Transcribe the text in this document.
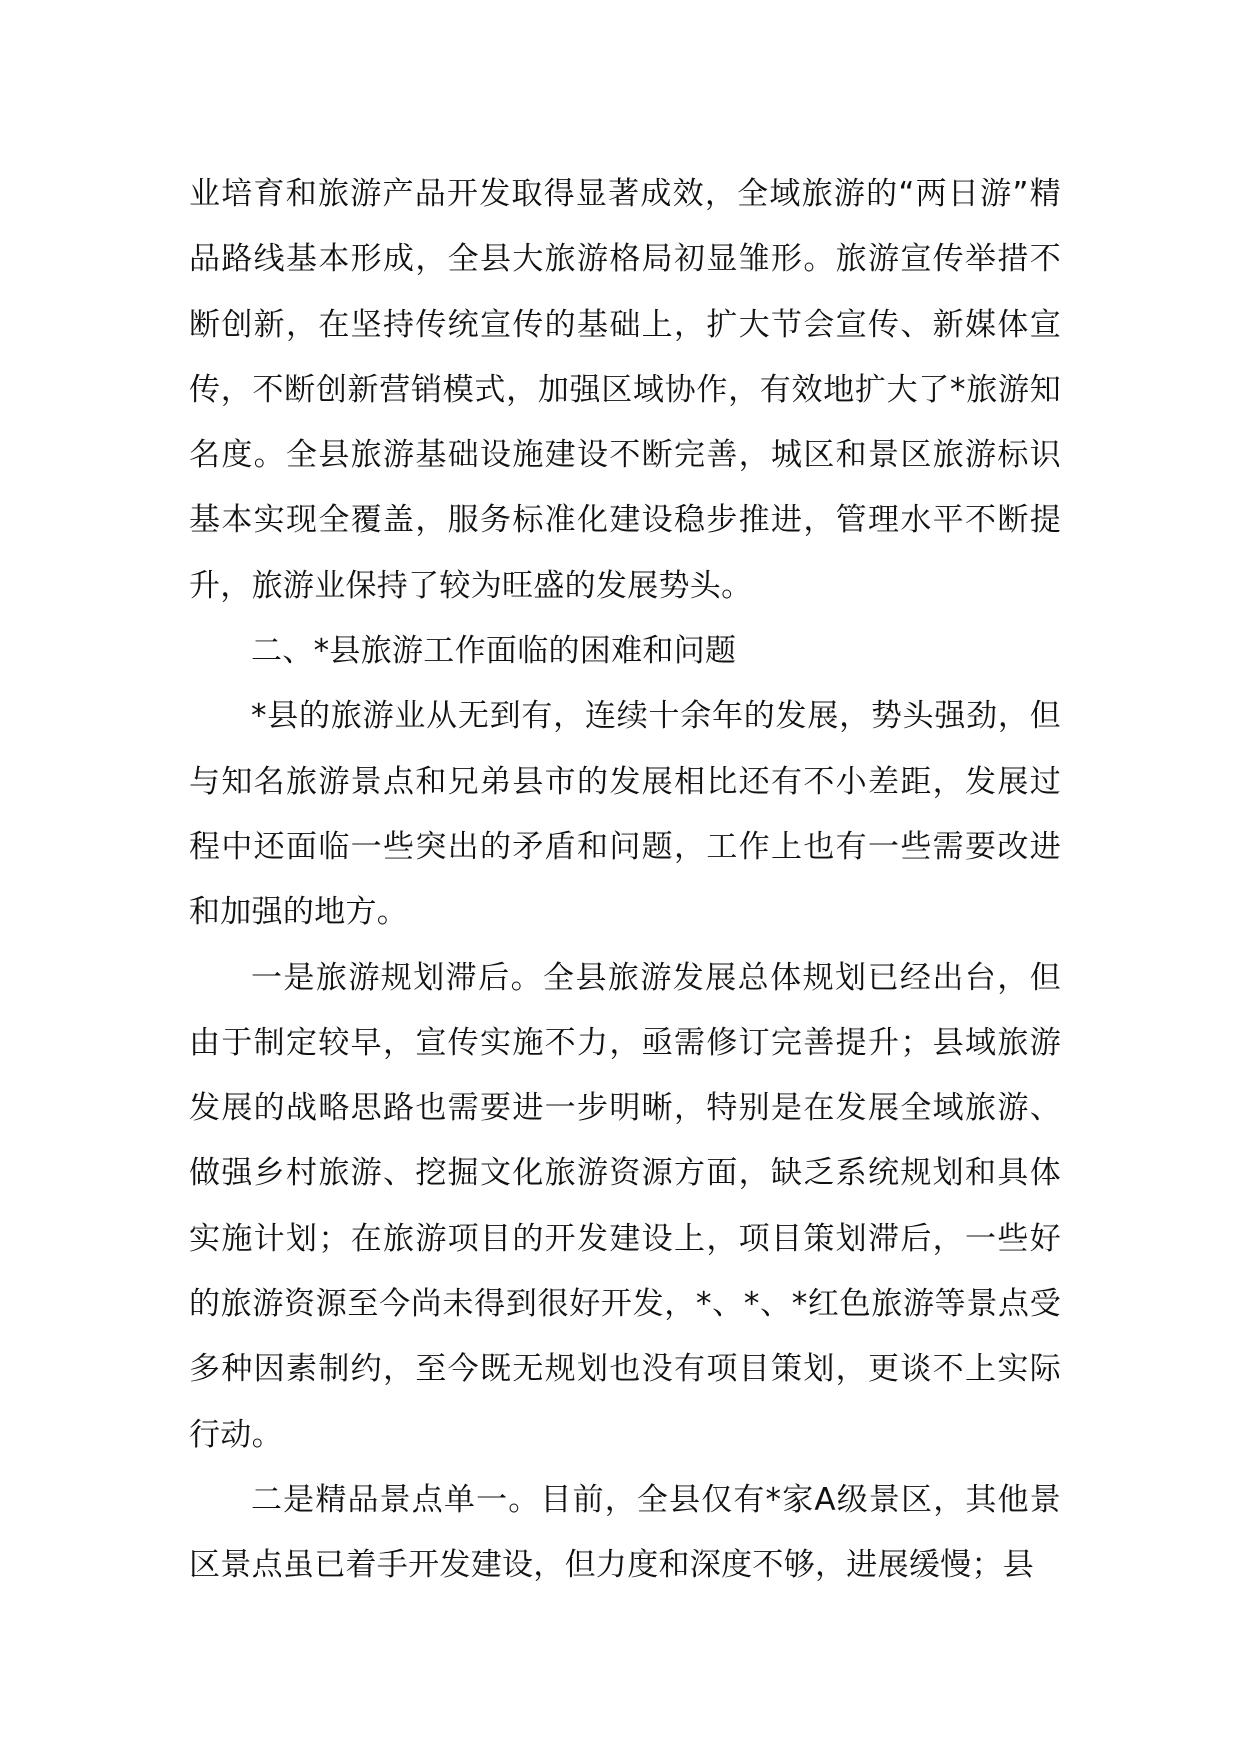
业培育和旅游产品开发取得显著成效，全域旅游的“两日游”精品路线基本形成，全县大旅游格局初显雏形。旅游宣传举措不断创新，在坚持传统宣传的基础上，扩大节会宣传、新媒体宣传，不断创新营销模式，加强区域协作，有效地扩大了*旅游知名度。全县旅游基础设施建设不断完善，城区和景区旅游标识基本实现全覆盖，服务标准化建设稳步推进，管理水平不断提升，旅游业保持了较为旺盛的发展势头。

二、*县旅游工作面临的困难和问题

*县的旅游业从无到有，连续十余年的发展，势头强劲，但与知名旅游景点和兄弟县市的发展相比还有不小差距，发展过程中还面临一些突出的矛盾和问题，工作上也有一些需要改进和加强的地方。

一是旅游规划滞后。全县旅游发展总体规划已经出台，但由于制定较早，宣传实施不力，亟需修订完善提升；县域旅游发展的战略思路也需要进一步明晰，特别是在发展全域旅游、做强乡村旅游、挖掘文化旅游资源方面，缺乏系统规划和具体实施计划；在旅游项目的开发建设上，项目策划滞后，一些好的旅游资源至今尚未得到很好开发，*、*、*红色旅游等景点受多种因素制约，至今既无规划也没有项目策划，更谈不上实际行动。

二是精品景点单一。目前，全县仅有*家A级景区，其他景区景点虽已着手开发建设，但力度和深度不够，进展缓慢；县
